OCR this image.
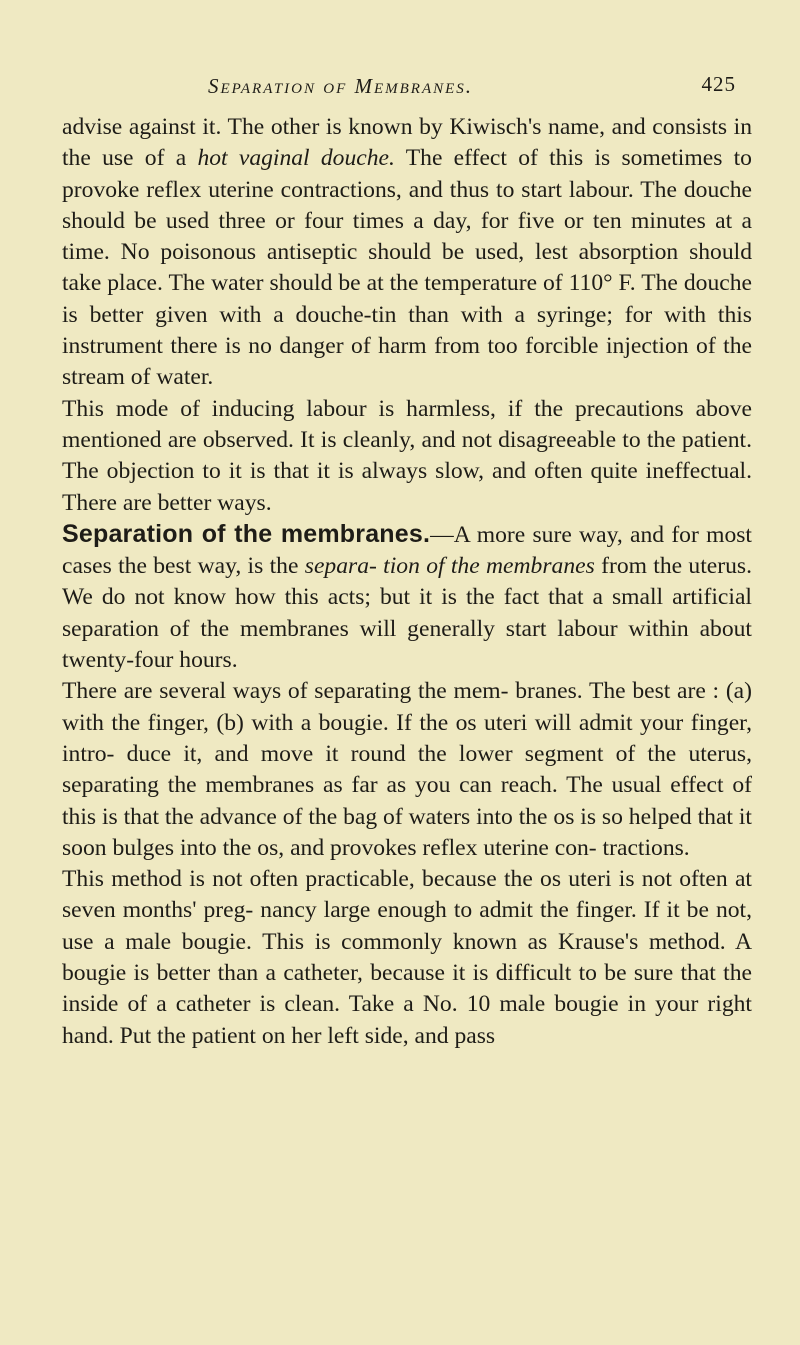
Separation of Membranes.	425

advise against it. The other is known by Kiwisch's name, and consists in the use of a hot vaginal douche. The effect of this is sometimes to provoke reflex uterine contractions, and thus to start labour. The douche should be used three or four times a day, for five or ten minutes at a time. No poisonous antiseptic should be used, lest absorption should take place. The water should be at the temperature of 110° F. The douche is better given with a douche-tin than with a syringe; for with this instrument there is no danger of harm from too forcible injection of the stream of water.

This mode of inducing labour is harmless, if the precautions above mentioned are observed. It is cleanly, and not disagreeable to the patient. The objection to it is that it is always slow, and often quite ineffectual. There are better ways.

Separation of the membranes.—A more sure way, and for most cases the best way, is the separa- tion of the membranes from the uterus. We do not know how this acts; but it is the fact that a small artificial separation of the membranes will generally start labour within about twenty-four hours.

There are several ways of separating the mem- branes. The best are : (a) with the finger, (b) with a bougie. If the os uteri will admit your finger, intro- duce it, and move it round the lower segment of the uterus, separating the membranes as far as you can reach. The usual effect of this is that the advance of the bag of waters into the os is so helped that it soon bulges into the os, and provokes reflex uterine con- tractions.

This method is not often practicable, because the os uteri is not often at seven months' preg- nancy large enough to admit the finger. If it be not, use a male bougie. This is commonly known as Krause's method. A bougie is better than a catheter, because it is difficult to be sure that the inside of a catheter is clean. Take a No. 10 male bougie in your right hand. Put the patient on her left side, and pass
